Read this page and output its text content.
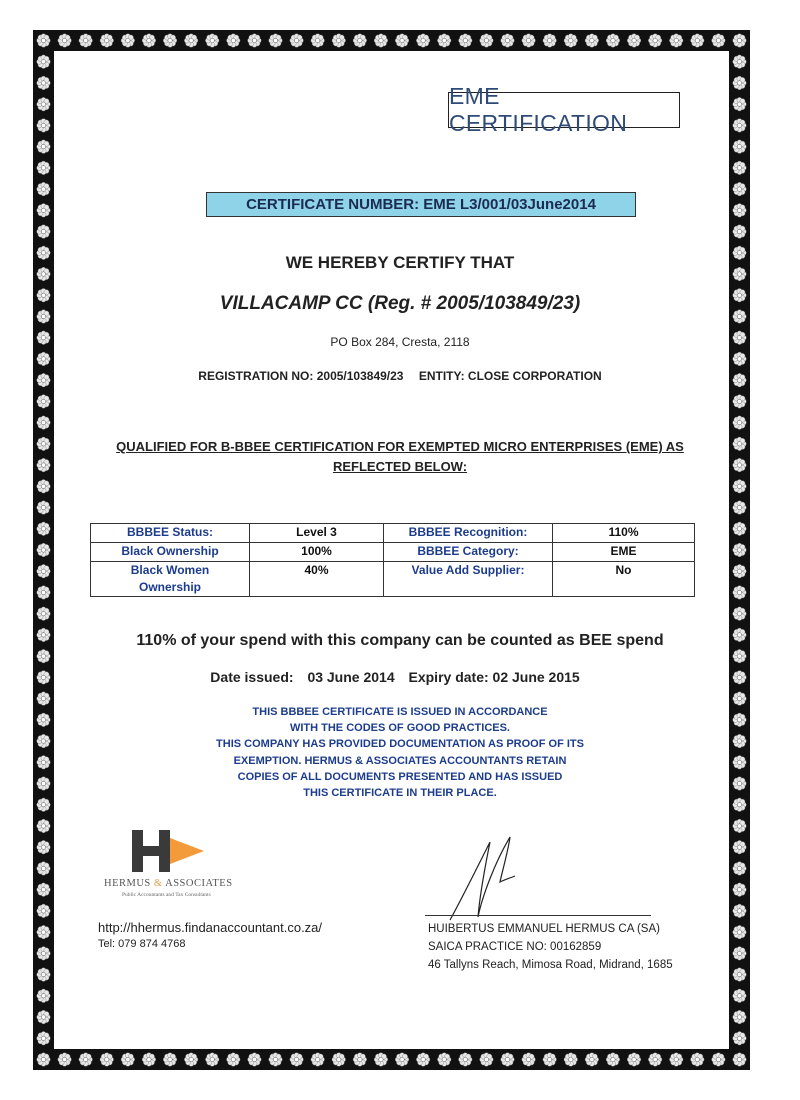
EME CERTIFICATION
CERTIFICATE NUMBER: EME L3/001/03June2014
WE HEREBY CERTIFY THAT
VILLACAMP CC (Reg. # 2005/103849/23)
PO Box 284, Cresta, 2118
REGISTRATION NO: 2005/103849/23 ENTITY: CLOSE CORPORATION
QUALIFIED FOR B-BBEE CERTIFICATION FOR EXEMPTED MICRO ENTERPRISES (EME) AS
REFLECTED BELOW:
BBBEE Status:	Level 3	BBBEE Recognition:	110%
Black Ownership	100%	BBBEE Category:	EME
Black Women Ownership	40%	Value Add Supplier:	No
110% of your spend with this company can be counted as BEE spend
Date issued: 03 June 2014 Expiry date: 02 June 2015
THIS BBBEE CERTIFICATE IS ISSUED IN ACCORDANCE
WITH THE CODES OF GOOD PRACTICES.
THIS COMPANY HAS PROVIDED DOCUMENTATION AS PROOF OF ITS
EXEMPTION. HERMUS & ASSOCIATES ACCOUNTANTS RETAIN
COPIES OF ALL DOCUMENTS PRESENTED AND HAS ISSUED
THIS CERTIFICATE IN THEIR PLACE.
HERMUS & ASSOCIATES
Public Accountants and Tax Consultants
http://hhermus.findanaccountant.co.za/
Tel: 079 874 4768
HUIBERTUS EMMANUEL HERMUS CA (SA)
SAICA PRACTICE NO: 00162859
46 Tallyns Reach, Mimosa Road, Midrand, 1685
